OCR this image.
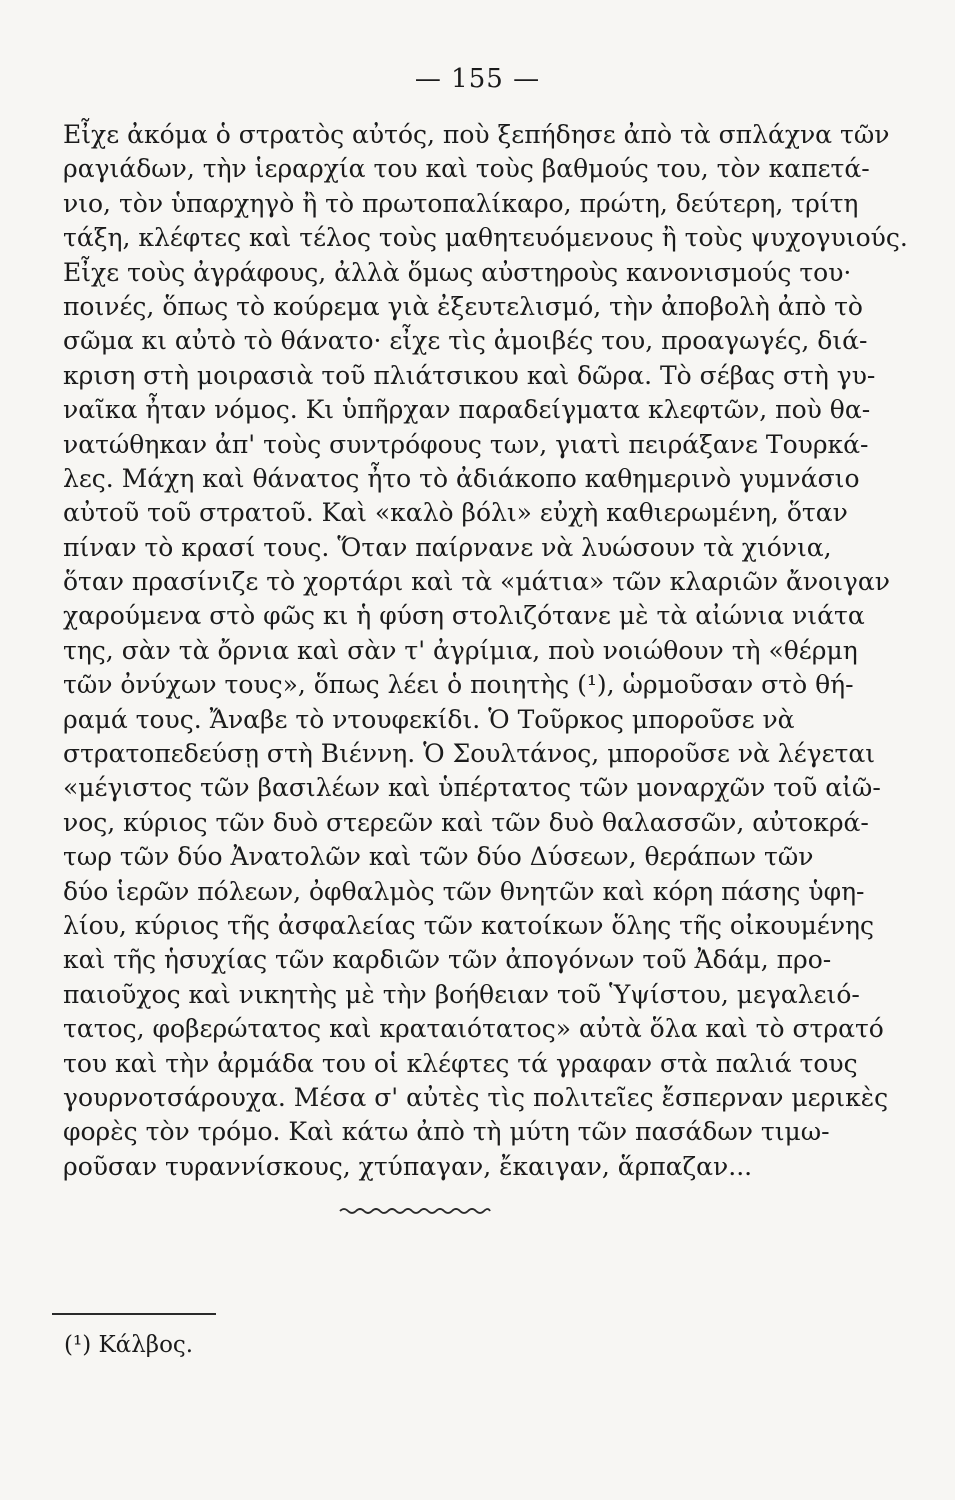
— 155 —
Εἶχε ἀκόμα ὁ στρατὸς αὐτός, ποὺ ξεπήδησε ἀπὸ τὰ σπλάχνα τῶν
ραγιάδων, τὴν ἱεραρχία του καὶ τοὺς βαθμούς του, τὸν καπετά-
νιο, τὸν ὑπαρχηγὸ ἢ τὸ πρωτοπαλίκαρο, πρώτη, δεύτερη, τρίτη
τάξη, κλέφτες καὶ τέλος τοὺς μαθητευόμενους ἢ τοὺς ψυχογυιούς.
Εἶχε τοὺς ἀγράφους, ἀλλὰ ὅμως αὐστηροὺς κανονισμούς του·
ποινές, ὅπως τὸ κούρεμα γιὰ ἐξευτελισμό, τὴν ἀποβολὴ ἀπὸ τὸ
σῶμα κι αὐτὸ τὸ θάνατο· εἶχε τὶς ἀμοιβές του, προαγωγές, διά-
κριση στὴ μοιρασιὰ τοῦ πλιάτσικου καὶ δῶρα. Τὸ σέβας στὴ γυ-
ναῖκα ἦταν νόμος. Κι ὑπῆρχαν παραδείγματα κλεφτῶν, ποὺ θα-
νατώθηκαν ἀπ' τοὺς συντρόφους των, γιατὶ πειράξανε Τουρκά-
λες. Μάχη καὶ θάνατος ἦτο τὸ ἀδιάκοπο καθημερινὸ γυμνάσιο
αὐτοῦ τοῦ στρατοῦ. Καὶ «καλὸ βόλι» εὐχὴ καθιερωμένη, ὅταν
πίναν τὸ κρασί τους. Ὅταν παίρνανε νὰ λυώσουν τὰ χιόνια,
ὅταν πρασίνιζε τὸ χορτάρι καὶ τὰ «μάτια» τῶν κλαριῶν ἄνοιγαν
χαρούμενα στὸ φῶς κι ἡ φύση στολιζότανε μὲ τὰ αἰώνια νιάτα
της, σὰν τὰ ὄρνια καὶ σὰν τ' ἀγρίμια, ποὺ νοιώθουν τὴ «θέρμη
τῶν ὀνύχων τους», ὅπως λέει ὁ ποιητὴς (¹), ὡρμοῦσαν στὸ θή-
ραμά τους. Ἄναβε τὸ ντουφεκίδι. Ὁ Τοῦρκος μποροῦσε νὰ
στρατοπεδεύσῃ στὴ Βιέννη. Ὁ Σουλτάνος, μποροῦσε νὰ λέγεται
«μέγιστος τῶν βασιλέων καὶ ὑπέρτατος τῶν μοναρχῶν τοῦ αἰῶ-
νος, κύριος τῶν δυὸ στερεῶν καὶ τῶν δυὸ θαλασσῶν, αὐτοκρά-
τωρ τῶν δύο Ἀνατολῶν καὶ τῶν δύο Δύσεων, θεράπων τῶν
δύο ἱερῶν πόλεων, ὀφθαλμὸς τῶν θνητῶν καὶ κόρη πάσης ὑφη-
λίου, κύριος τῆς ἀσφαλείας τῶν κατοίκων ὅλης τῆς οἰκουμένης
καὶ τῆς ἡσυχίας τῶν καρδιῶν τῶν ἀπογόνων τοῦ Ἀδάμ, προ-
παιοῦχος καὶ νικητὴς μὲ τὴν βοήθειαν τοῦ Ὑψίστου, μεγαλειό-
τατος, φοβερώτατος καὶ κραταιότατος» αὐτὰ ὅλα καὶ τὸ στρατό
του καὶ τὴν ἀρμάδα του οἱ κλέφτες τά γραφαν στὰ παλιά τους
γουρνοτσάρουχα. Μέσα σ' αὐτὲς τὶς πολιτεῖες ἔσπερναν μερικὲς
φορὲς τὸν τρόμο. Καὶ κάτω ἀπὸ τὴ μύτη τῶν πασάδων τιμω-
ροῦσαν τυραννίσκους, χτύπαγαν, ἔκαιγαν, ἅρπαζαν...
(¹) Κάλβος.
